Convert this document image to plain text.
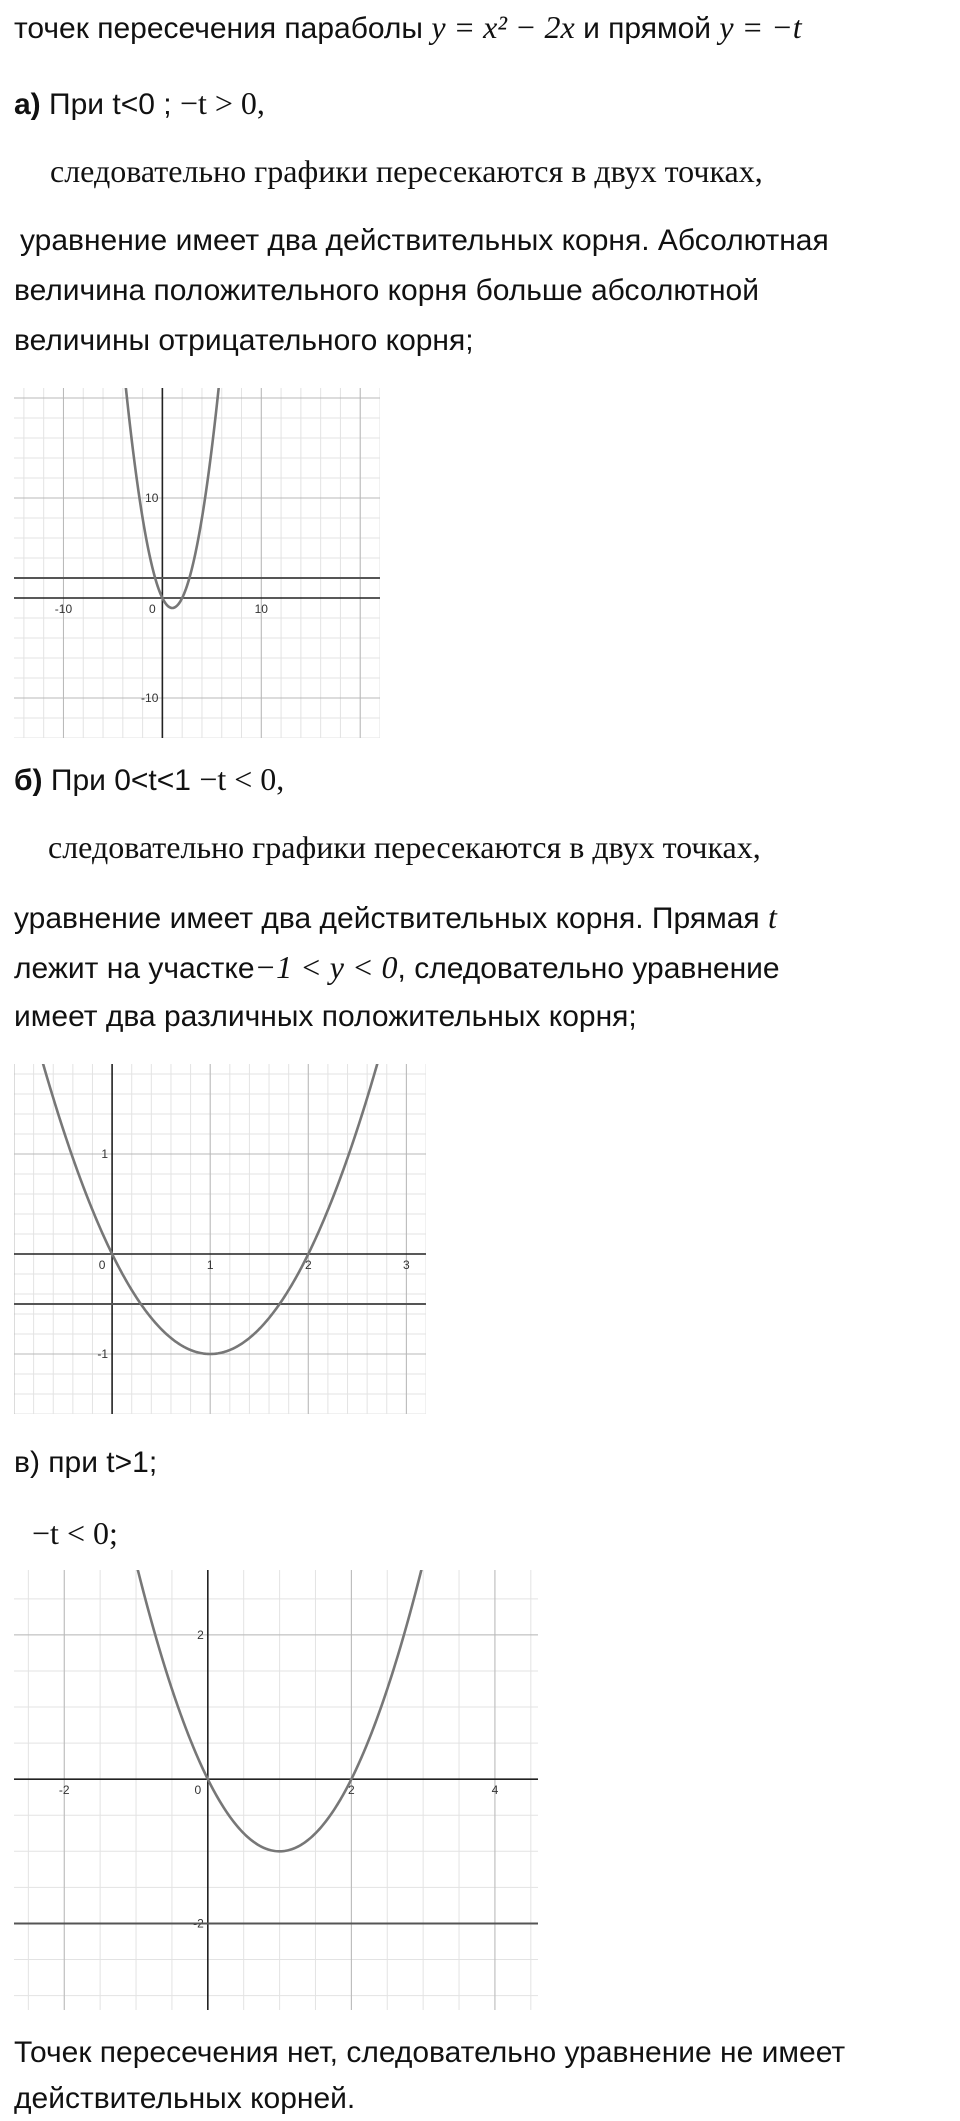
точек пересечения параболы y = x² − 2x и прямой y = −t
а) При t<0 ; −t > 0,
следовательно графики пересекаются в двух точках,
уравнение имеет два действительных корня. Абсолютная
величина положительного корня больше абсолютной
величины отрицательного корня;
-10	0	10
10
-10
б) При 0<t<1 −t < 0,
следовательно графики пересекаются в двух точках,
уравнение имеет два действительных корня. Прямая t
лежит на участке−1 < y < 0, следовательно уравнение
имеет два различных положительных корня;
0	1	2	3
1
-1
в) при t>1;
−t < 0;
-2	0	2	4
2
-2
Точек пересечения нет, следовательно уравнение не имеет
действительных корней.
